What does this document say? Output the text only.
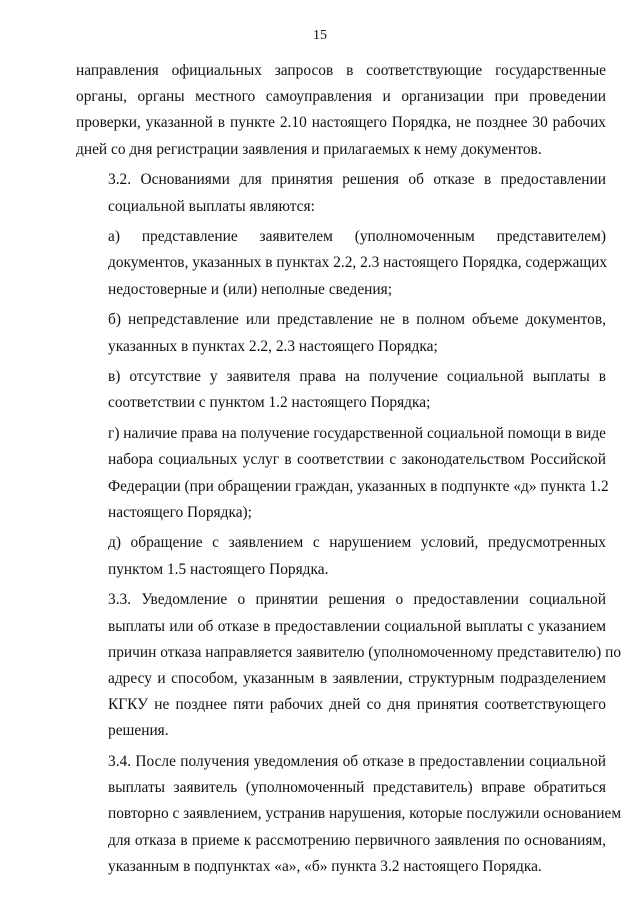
15

направления официальных запросов в соответствующие государственные
органы, органы местного самоуправления и организации при проведении
проверки, указанной в пункте 2.10 настоящего Порядка, не позднее 30 рабочих
дней со дня регистрации заявления и прилагаемых к нему документов.

3.2. Основаниями для принятия решения об отказе в предоставлении
социальной выплаты являются:

а) представление заявителем (уполномоченным представителем)
документов, указанных в пунктах 2.2, 2.3 настоящего Порядка, содержащих
недостоверные и (или) неполные сведения;

б) непредставление или представление не в полном объеме документов,
указанных в пунктах 2.2, 2.3 настоящего Порядка;

в) отсутствие у заявителя права на получение социальной выплаты в
соответствии с пунктом 1.2 настоящего Порядка;

г) наличие права на получение государственной социальной помощи в виде
набора социальных услуг в соответствии с законодательством Российской
Федерации (при обращении граждан, указанных в подпункте «д» пункта 1.2
настоящего Порядка);

д) обращение с заявлением с нарушением условий, предусмотренных
пунктом 1.5 настоящего Порядка.

3.3. Уведомление о принятии решения о предоставлении социальной
выплаты или об отказе в предоставлении социальной выплаты с указанием
причин отказа направляется заявителю (уполномоченному представителю) по
адресу и способом, указанным в заявлении, структурным подразделением
КГКУ не позднее пяти рабочих дней со дня принятия соответствующего
решения.

3.4. После получения уведомления об отказе в предоставлении социальной
выплаты заявитель (уполномоченный представитель) вправе обратиться
повторно с заявлением, устранив нарушения, которые послужили основанием
для отказа в приеме к рассмотрению первичного заявления по основаниям,
указанным в подпунктах «а», «б» пункта 3.2 настоящего Порядка.
